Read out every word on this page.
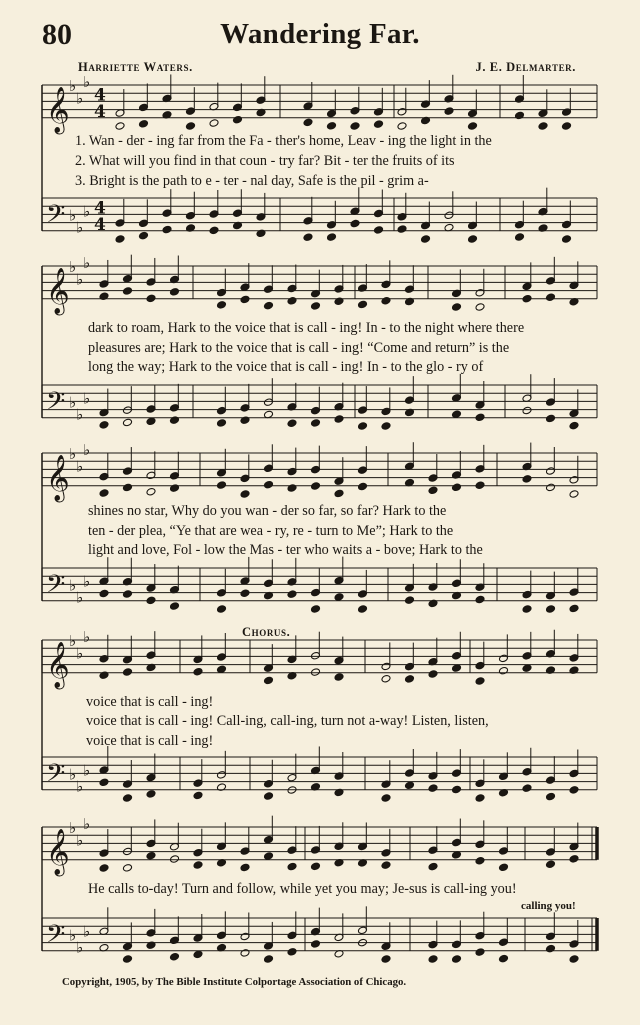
80	Wandering Far.
Harriette Waters.	J. E. Delmarter.
𝄞
♭
♭
♭
4
4
𝄢 ♭
♭
♭ 4
4
𝄞
♭
♭
♭
𝄢 ♭
♭
♭
𝄞
♭
♭
♭
𝄢 ♭
♭
♭
𝄞
♭
♭
♭
𝄢 ♭
♭
♭
𝄞
♭
♭
♭
𝄢 ♭
♭
♭
1. Wan - der - ing far from the Fa - ther's home, Leav - ing the light in the
2. What will you find in that coun - try far? Bit - ter the fruits of its
3. Bright is the path to e - ter - nal day, Safe is the pil - grim a-
dark to roam, Hark to the voice that is call - ing! In - to the night where there
pleasures are; Hark to the voice that is call - ing! “Come and return” is the
long the way; Hark to the voice that is call - ing! In - to the glo - ry of
shines no star, Why do you wan - der so far, so far? Hark to the
ten - der plea, “Ye that are wea - ry, re - turn to Me”; Hark to the
light and love, Fol - low the Mas - ter who waits a - bove; Hark to the
Chorus.
voice that is call - ing!
voice that is call - ing! Call-ing, call-ing, turn not a-way! Listen, listen,
voice that is call - ing!
He calls to-day! Turn and follow, while yet you may; Je-sus is call-ing you!
calling you!
Copyright, 1905, by The Bible Institute Colportage Association of Chicago.
